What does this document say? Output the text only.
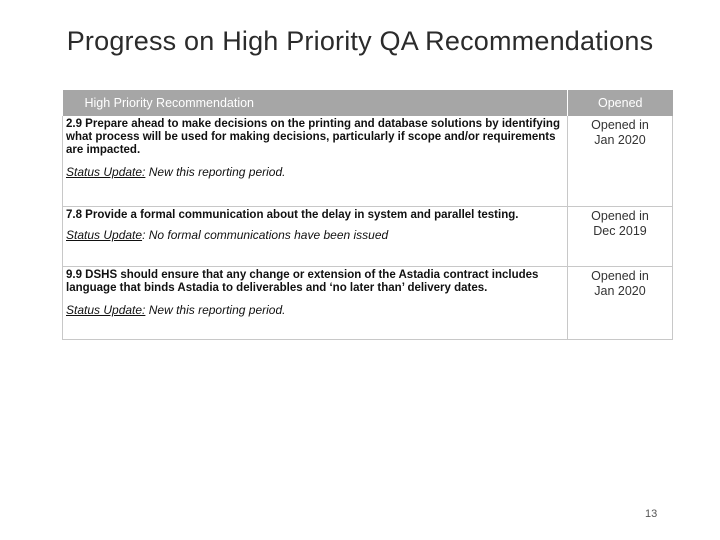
Progress on High Priority QA Recommendations
High Priority Recommendation	Opened

2.9 Prepare ahead to make decisions on the printing and database solutions by identifying what process will be used for making decisions, particularly if scope and/or requirements are impacted.
Status Update: New this reporting period.	Opened in Jan 2020

7.8 Provide a formal communication about the delay in system and parallel testing.
Status Update: No formal communications have been issued	Opened in Dec 2019

9.9 DSHS should ensure that any change or extension of the Astadia contract includes language that binds Astadia to deliverables and ‘no later than’ delivery dates.
Status Update: New this reporting period.	Opened in Jan 2020
13
